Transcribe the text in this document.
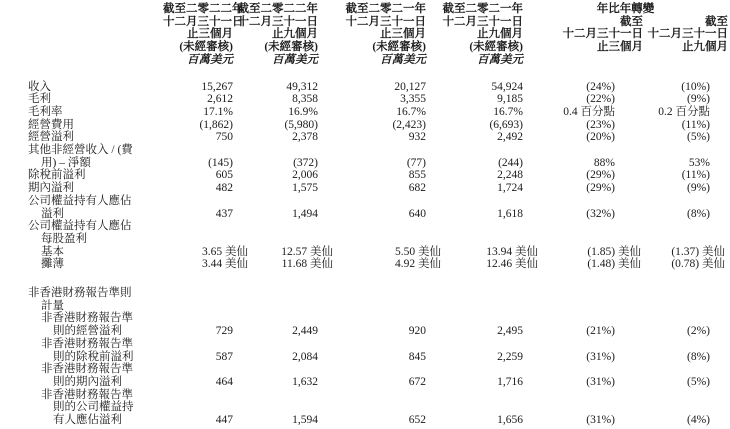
	截至二零二二年
十二月三十一日
止三個月
(未經審核)
百萬美元	截至二零二二年
十二月三十一日
止九個月
(未經審核)
百萬美元	截至二零二一年
十二月三十一日
止三個月
(未經審核)
百萬美元	截至二零二一年
十二月三十一日
止九個月
(未經審核)
百萬美元	年比年轉變	

					截至
十二月三十一日
止三個月	截至
十二月三十一日
止九個月

收入	15,267	49,312	20,127	54,924	(24%)	(10%)

毛利	2,612	8,358	3,355	9,185	(22%)	(9%)

毛利率	17.1%	16.9%	16.7%	16.7%	0.4 百分點	0.2 百分點

經營費用	(1,862)	(5,980)	(2,423)	(6,693)	(23%)	(11%)

經營溢利	750	2,378	932	2,492	(20%)	(5%)

其他非經營收入 / (費
用) – 淨額	(145)	(372)	(77)	(244)	88%	53%

除稅前溢利	605	2,006	855	2,248	(29%)	(11%)

期內溢利	482	1,575	682	1,724	(29%)	(9%)

公司權益持有人應佔
溢利	437	1,494	640	1,618	(32%)	(8%)

公司權益持有人應佔
每股盈利						

基本	3.65 美仙	12.57 美仙	5.50 美仙	13.94 美仙	(1.85) 美仙	(1.37) 美仙

攤薄	3.44 美仙	11.68 美仙	4.92 美仙	12.46 美仙	(1.48) 美仙	(0.78) 美仙

非香港財務報告準則
計量						

非香港財務報告準
則的經營溢利	729	2,449	920	2,495	(21%)	(2%)

非香港財務報告準
則的除稅前溢利	587	2,084	845	2,259	(31%)	(8%)

非香港財務報告準
則的期內溢利	464	1,632	672	1,716	(31%)	(5%)

非香港財務報告準
則的公司權益持
有人應佔溢利	447	1,594	652	1,656	(31%)	(4%)
